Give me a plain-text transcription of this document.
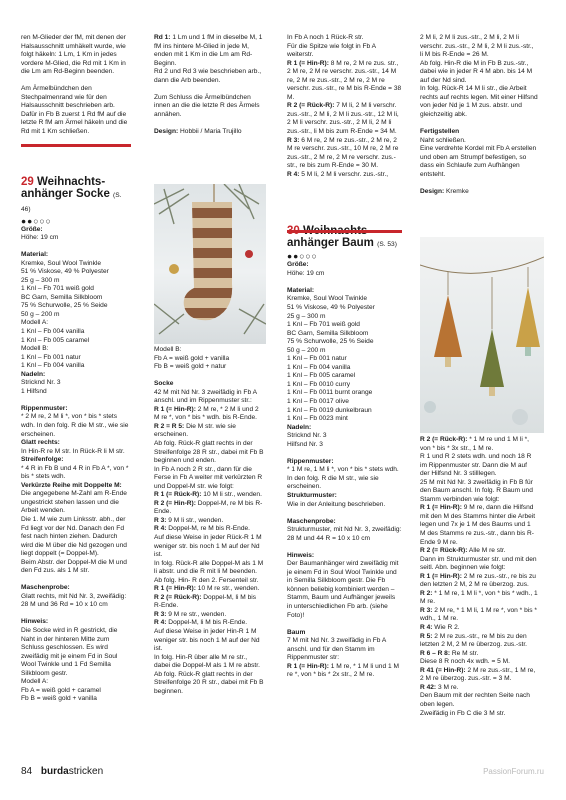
ren M-Glieder der fM, mit denen der Halsausschnitt umhäkelt wurde, wie folgt häkeln: 1 Lm, 1 Km in jedes vordere M-Glied, die Rd mit 1 Km in die Lm am Rd-Beginn beenden.

Am Ärmelbündchen den Stechpalmenrand wie für den Halsausschnitt beschrieben arb. Dafür in Fb B zuerst 1 Rd fM auf die letzte R fM am Ärmel häkeln und die Rd mit 1 Km schließen.

29 Weihnachts-
anhänger Socke (S. 46)
●●○○○

Größe:

Höhe: 19 cm

Material:

Kremke, Soul Wool Twinkle
51 % Viskose, 49 % Polyester
25 g – 300 m
1 Knl – Fb 701 weiß gold
BC Garn, Semilla Silkbloom
75 % Schurwolle, 25 % Seide
50 g – 200 m
Modell A:
1 Knl – Fb 004 vanilla
1 Knl – Fb 005 caramel
Modell B:
1 Knl – Fb 001 natur
1 Knl – Fb 004 vanilla

Nadeln:

Stricknd Nr. 3
1 Hilfsnd

Rippenmuster:

* 2 M re, 2 M li *, von * bis * stets wdh. In den folg. R die M str., wie sie erscheinen.

Glatt rechts:

In Hin-R re M str. In Rück-R li M str.

Streifenfolge:

* 4 R in Fb B und 4 R in Fb A *, von * bis * stets wdh.

Verkürzte Reihe mit Doppelte M:

Die angegebene M-Zahl am R-Ende ungestrickt stehen lassen und die Arbeit wenden.
Die 1. M wie zum Linksstr. abh., der Fd liegt vor der Nd. Danach den Fd fest nach hinten ziehen. Dadurch wird die M über die Nd gezogen und liegt doppelt (= Doppel-M).
Beim Abstr. der Doppel-M die M und den Fd zus. als 1 M str.

Maschenprobe:

Glatt rechts, mit Nd Nr. 3, zweifädig: 28 M und 36 Rd = 10 x 10 cm

Hinweis:

Die Socke wird in R gestrickt, die Naht in der hinteren Mitte zum Schluss geschlossen. Es wird zweifädig mit je einem Fd in Soul Wool Twinkle und 1 Fd Semilla Silkbloom gestr.
Modell A:
Fb A = weiß gold + caramel
Fb B = weiß gold + vanilla

Rd 1: 1 Lm und 1 fM in dieselbe M, 1 fM ins hintere M-Glied in jede M, enden mit 1 Km in die Lm am Rd-Beginn.
Rd 2 und Rd 3 wie beschrieben arb., dann die Arb beenden.

Zum Schluss die Ärmelbündchen innen an die die letzte R des Ärmels annähen.

Design: Hobbii / Maria Trujillo

Modell B:
Fb A = weiß gold + vanilla
Fb B = weiß gold + natur

Socke

42 M mit Nd Nr. 3 zweifädig in Fb A anschl. und im Rippenmuster str.:

R 1 (= Hin-R): 2 M re, * 2 M li und 2 M re *, von * bis * wdh. bis R-Ende.

R 2 = R 5: Die M str. wie sie erscheinen.

Ab folg. Rück-R glatt rechts in der Streifenfolge 28 R str., dabei mit Fb B beginnen und enden.
In Fb A noch 2 R str., dann für die Ferse in Fb A weiter mit verkürzten R und Doppel-M str. wie folgt:

R 1 (= Rück-R): 10 M li str., wenden.

R 2 (= Hin-R): Doppel-M, re M bis R-Ende.

R 3: 9 M li str., wenden.

R 4: Doppel-M, re M bis R-Ende.
Auf diese Weise in jeder Rück-R 1 M weniger str. bis noch 1 M auf der Nd ist.
In folg. Rück-R alle Doppel-M als 1 M li abstr. und die R mit li M beenden.
Ab folg. Hin- R den 2. Fersenteil str.

R 1 (= Hin-R): 10 M re str., wenden.

R 2 (= Rück-R): Doppel-M, li M bis R-Ende.

R 3: 9 M re str., wenden.

R 4: Doppel-M, li M bis R-Ende.
Auf diese Weise in jeder Hin-R 1 M weniger str. bis noch 1 M auf der Nd ist.
In folg. Hin-R über alle M re str., dabei die Doppel-M als 1 M re abstr.
Ab folg. Rück-R glatt rechts in der Streifenfolge 20 R str., dabei mit Fb B beginnen.

In Fb A noch 1 Rück-R str.
Für die Spitze wie folgt in Fb A weiterstr.

R 1 (= Hin-R): 8 M re, 2 M re zus. str., 2 M re, 2 M re verschr. zus.-str., 14 M re, 2 M re zus.-str., 2 M re, 2 M re verschr. zus.-str., re M bis R-Ende = 38 M.

R 2 (= Rück-R): 7 M li, 2 M li verschr. zus.-str., 2 M li, 2 M li zus.-str., 12 M li, 2 M li verschr. zus.-str., 2 M li, 2 M li zus.-str., li M bis zum R-Ende = 34 M.

R 3: 6 M re, 2 M re zus.-str., 2 M re, 2 M re verschr. zus.-str., 10 M re, 2 M re zus.-str., 2 M re, 2 M re verschr. zus.-str., re bis zum R-Ende = 30 M.

R 4: 5 M li, 2 M li verschr. zus.-str.,

30 Weihnachts-
anhänger Baum (S. 53)
●●○○○

Größe:

Höhe: 19 cm

Material:

Kremke, Soul Wool Twinkle
51 % Viskose, 49 % Polyester
25 g – 300 m
1 Knl – Fb 701 weiß gold
BC Garn, Semilla Silkbloom
75 % Schurwolle, 25 % Seide
50 g – 200 m
1 Knl – Fb 001 natur
1 Knl – Fb 004 vanilla
1 Knl – Fb 005 caramel
1 Knl – Fb 0010 curry
1 Knl – Fb 0011 burnt orange
1 Knl – Fb 0017 olive
1 Knl – Fb 0019 dunkelbraun
1 Knl – Fb 0023 mint

Nadeln:

Stricknd Nr. 3
Hilfsnd Nr. 3

Rippenmuster:

* 1 M re, 1 M li *, von * bis * stets wdh. In den folg. R die M str., wie sie erscheinen.

Strukturmuster:

Wie in der Anleitung beschrieben.

Maschenprobe:

Strukturmuster, mit Nd Nr. 3, zweifädig:
28 M und 44 R = 10 x 10 cm

Hinweis:

Der Baumanhänger wird zweifädig mit je einem Fd in Soul Wool Twinkle und in Semilla Silkbloom gestr. Die Fb können beliebig kombiniert werden – Stamm, Baum und Aufhänger jeweils in unterschiedlichen Fb arb. (siehe Foto)!

Baum

7 M mit Nd Nr. 3 zweifädig in Fb A anschl. und für den Stamm im Rippenmuster str:

R 1 (= Hin-R): 1 M re, * 1 M li und 1 M re *, von * bis * 2x str., 2 M re.

2 M li, 2 M li zus.-str., 2 M li, 2 M li verschr. zus.-str., 2 M li, 2 M li zus.-str., li M bis R-Ende = 26 M.
Ab folg. Hin-R die M in Fb B zus.-str., dabei wie in jeder R 4 M abn. bis 14 M auf der Nd sind.
In folg. Rück-R 14 M li str., die Arbeit rechts auf rechts legen. Mit einer Hilfsnd von jeder Nd je 1 M zus. abstr. und gleichzeitig abk.

Fertigstellen

Naht schließen.
Eine verdrehte Kordel mit Fb A erstellen und oben am Strumpf befestigen, so dass ein Schlaufe zum Aufhängen entsteht.

Design: Kremke

R 2 (= Rück-R): * 1 M re und 1 M li *, von * bis * 3x str., 1 M re.
R 1 und R 2 stets wdh. und noch 18 R im Rippenmuster str. Dann die M auf der Hilfsnd Nr. 3 stilllegen.
25 M mit Nd Nr. 3 zweifädig in Fb B für den Baum anschl. In folg. R Baum und Stamm verbinden wie folgt:

R 1 (= Hin-R): 9 M re, dann die Hilfsnd mit den M des Stamms hinter die Arbeit legen und 7x je 1 M des Baums und 1 M des Stamms re zus.-str., dann bis R-Ende 9 M re.

R 2 (= Rück-R): Alle M re str.
Dann im Strukturmuster str. und mit den seitl. Abn. beginnen wie folgt:

R 1 (= Hin-R): 2 M re zus.-str., re bis zu den letzten 2 M, 2 M re überzog. zus.

R 2: * 1 M re, 1 M li *, von * bis * wdh., 1 M re.

R 3: 2 M re, * 1 M li, 1 M re *, von * bis * wdh., 1 M re.

R 4: Wie R 2.

R 5: 2 M re zus.-str., re M bis zu den letzten 2 M, 2 M re überzog. zus.-str.

R 6 – R 8: Re M str.
Diese 8 R noch 4x wdh. = 5 M.

R 41 (= Hin-R): 2 M re zus.-str., 1 M re, 2 M re überzog. zus.-str. = 3 M.

R 42: 3 M re.
Den Baum mit der rechten Seite nach oben legen.
Zweifädig in Fb C die 3 M str.

84 burdastricken	PassionForum.ru
